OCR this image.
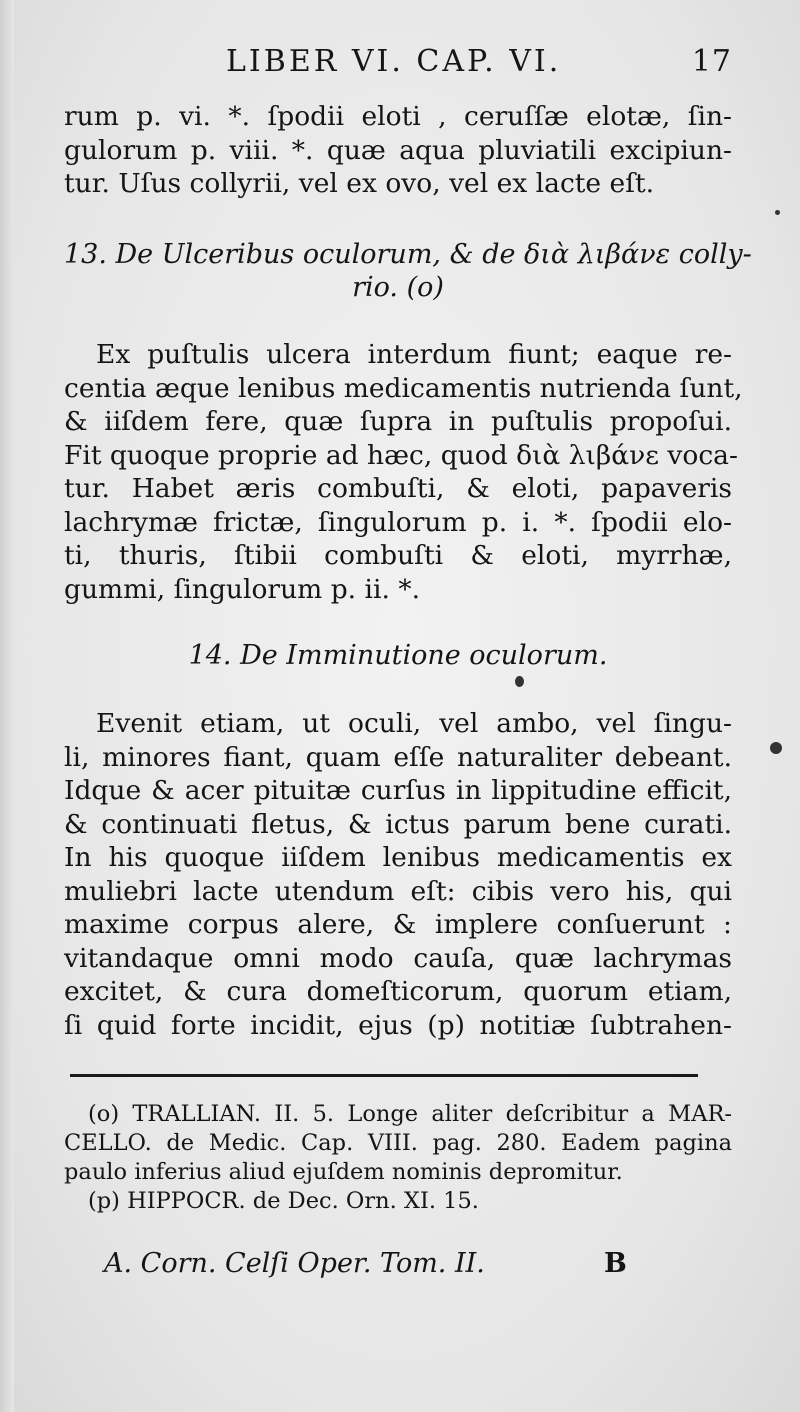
LIBER VI. CAP. VI.	17
rum p. vi. *. ſpodii eloti , ceruſſæ elotæ, ſin-
gulorum p. viii. *. quæ aqua pluviatili excipiun-
tur. Uſus collyrii, vel ex ovo, vel ex lacte eſt.
13. De Ulceribus oculorum, & de διὰ λιβάνε colly-
rio. (o)
Ex puſtulis ulcera interdum fiunt; eaque re-
centia æque lenibus medicamentis nutrienda ſunt,
& iiſdem fere, quæ ſupra in puſtulis propoſui.
Fit quoque proprie ad hæc, quod διὰ λιβάνε voca-
tur. Habet æris combuſti, & eloti, papaveris
lachrymæ frictæ, ſingulorum p. i. *. ſpodii elo-
ti, thuris, ſtibii combuſti & eloti, myrrhæ,
gummi, ſingulorum p. ii. *.
14. De Imminutione oculorum.
Evenit etiam, ut oculi, vel ambo, vel ſingu-
li, minores fiant, quam eſſe naturaliter debeant.
Idque & acer pituitæ curſus in lippitudine efficit,
& continuati fletus, & ictus parum bene curati.
In his quoque iiſdem lenibus medicamentis ex
muliebri lacte utendum eſt: cibis vero his, qui
maxime corpus alere, & implere conſuerunt :
vitandaque omni modo cauſa, quæ lachrymas
excitet, & cura domeſticorum, quorum etiam,
ſi quid forte incidit, ejus (p) notitiæ ſubtrahen-
(o) TRALLIAN. II. 5. Longe aliter deſcribitur a MAR-
CELLO. de Medic. Cap. VIII. pag. 280. Eadem pagina
paulo inferius aliud ejuſdem nominis depromitur.
(p) HIPPOCR. de Dec. Orn. XI. 15.
A. Corn. Celſi Oper. Tom. II.	B
